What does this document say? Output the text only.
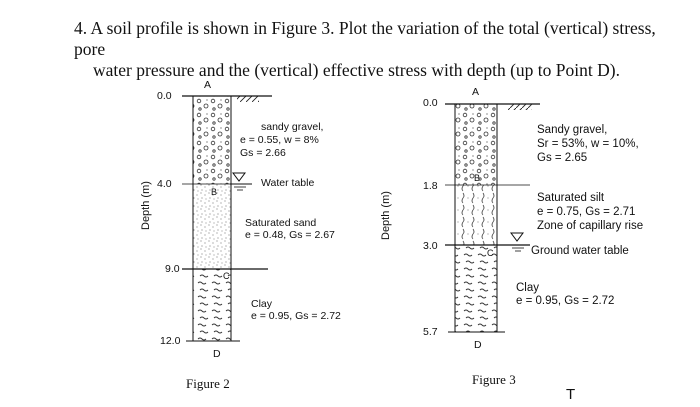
4. A soil profile is shown in Figure 3. Plot the variation of the total (vertical) stress, pore
water pressure and the (vertical) effective stress with depth (up to Point D).
Depth (m)
0.0
4.0
9.0
12.0
A
B
C
D
sandy gravel,
e = 0.55, w = 8%
Gs = 2.66
Water table
Saturated sand
e = 0.48, Gs = 2.67
Clay
e = 0.95, Gs = 2.72
Figure 2
Depth (m)
0.0
1.8
3.0
5.7
A
B
C
D
Sandy gravel,
Sr = 53%, w = 10%,
Gs = 2.65
Saturated silt
e = 0.75, Gs = 2.71
Zone of capillary rise
Ground water table
Clay
e = 0.95, Gs = 2.72
Figure 3
T
